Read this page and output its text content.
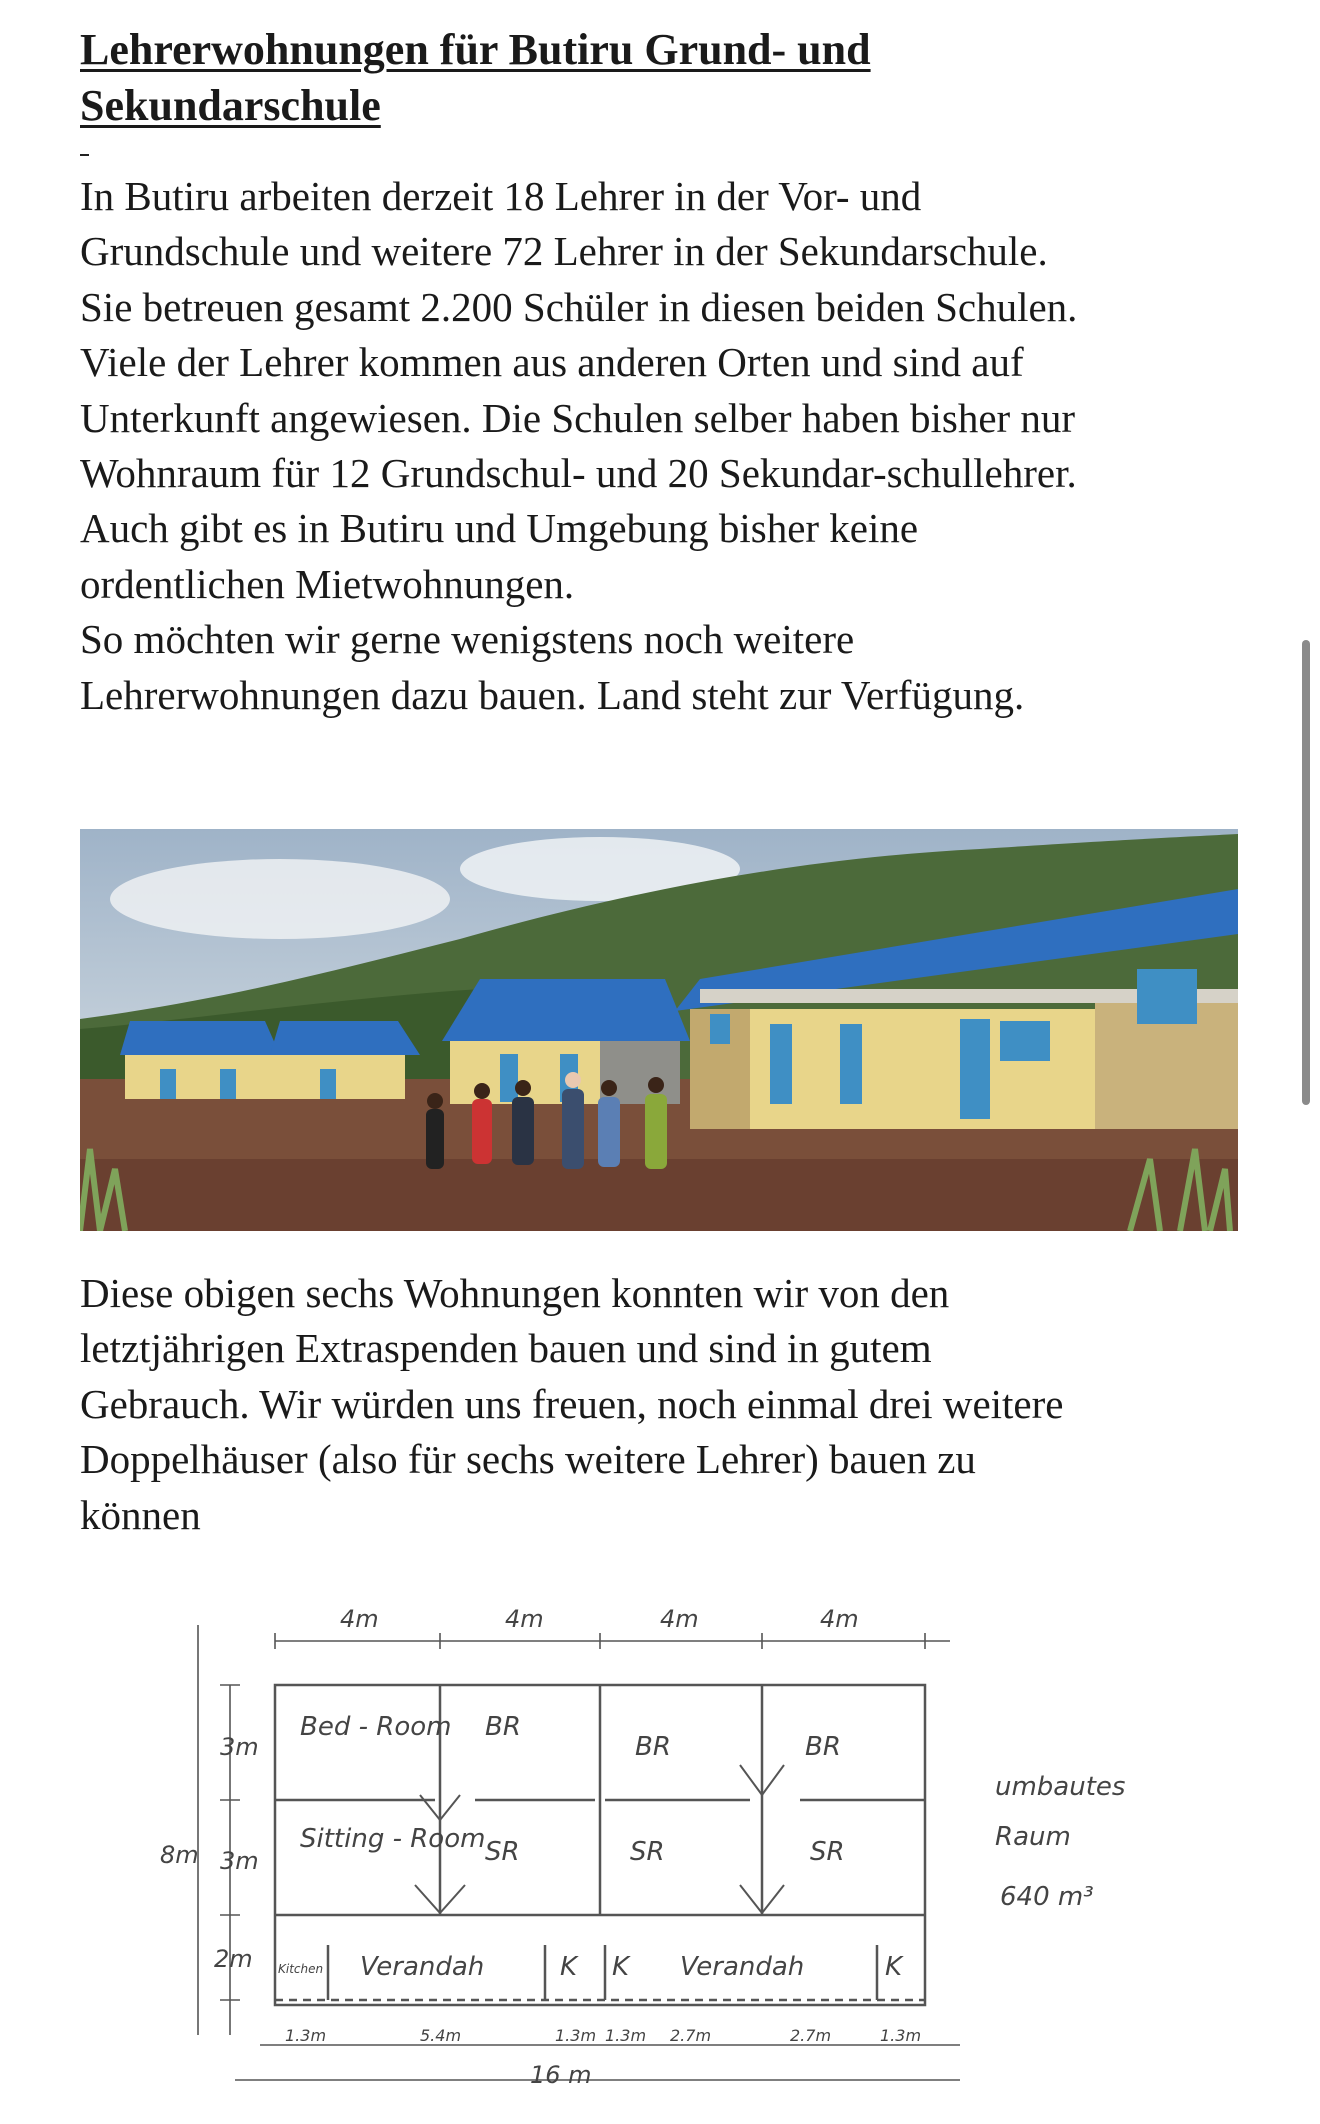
Lehrerwohnungen für Butiru Grund- und
Sekundarschule

In Butiru arbeiten derzeit 18 Lehrer in der Vor- und
Grundschule und weitere 72 Lehrer in der Sekundarschule.
Sie betreuen gesamt 2.200 Schüler in diesen beiden Schulen.
Viele der Lehrer kommen aus anderen Orten und sind auf
Unterkunft angewiesen. Die Schulen selber haben bisher nur
Wohnraum für 12 Grundschul- und 20 Sekundar-schullehrer.
Auch gibt es in Butiru und Umgebung bisher keine
ordentlichen Mietwohnungen.
So möchten wir gerne wenigstens noch weitere
Lehrerwohnungen dazu bauen. Land steht zur Verfügung.

Diese obigen sechs Wohnungen konnten wir von den
letztjährigen Extraspenden bauen und sind in gutem
Gebrauch. Wir würden uns freuen, noch einmal drei weitere
Doppelhäuser (also für sechs weitere Lehrer) bauen zu
können

4m	4m	4m	4m
3m
3m
2m
8m
Bed - Room
Sitting - Room
BR
BR	BR
SR	SR	SR
Verandah	Verandah
K K	K
Kitchen
1.3m	5.4m	1.3m 1.3m 2.7m	2.7m	1.3m
16 m
umbautes
Raum
640 m³
